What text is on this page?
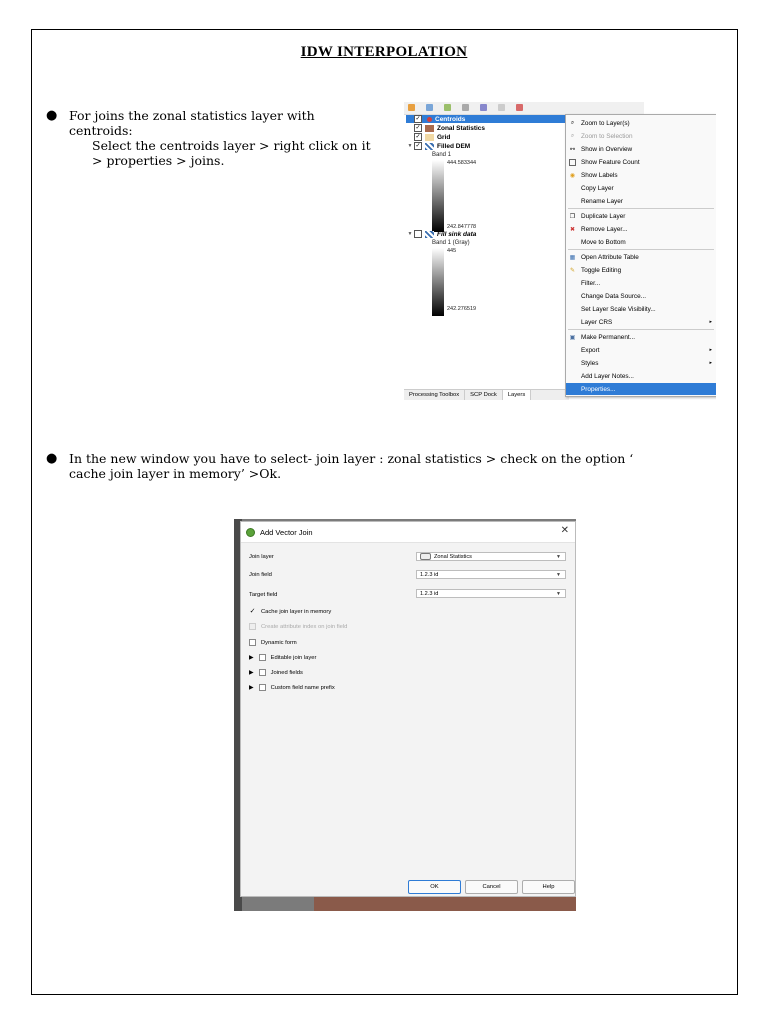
IDW INTERPOLATION
● For joins the zonal statistics layer with
centroids:
Select the centroids layer > right click on it
> properties > joins.
✓ Centroids
✓	Zonal Statistics
✓	Grid
▼ ✓	Filled DEM
Band 1
444.583344
242.847778
▼	Fill sink data
Band 1 (Gray)
445
242.276519
Processing Toolbox	SCP Dock	Layers
⌕	Zoom to Layer(s)
⌕	Zoom to Selection
⚯ Show in Overview
Show Feature Count
◉ Show Labels
Copy Layer
Rename Layer
❐ Duplicate Layer
✖ Remove Layer...
Move to Bottom
▦ Open Attribute Table
✎ Toggle Editing
Filter...
Change Data Source...
Set Layer Scale Visibility...
Layer CRS	▸
▣ Make Permanent...
Export	▸
Styles	▸
Add Layer Notes...
Properties...
● In the new window you have to select- join layer : zonal statistics > check on the option ‘
cache join layer in memory’ >Ok.
Add Vector Join	✕
Join layer	Zonal Statistics	▼
Join field	1.2.3 id	▼
Target field	1.2.3 id	▼
✓ Cache join layer in memory
Create attribute index on join field
Dynamic form
▶	Editable join layer
▶	Joined fields
▶	Custom field name prefix
OK	Cancel	Help
